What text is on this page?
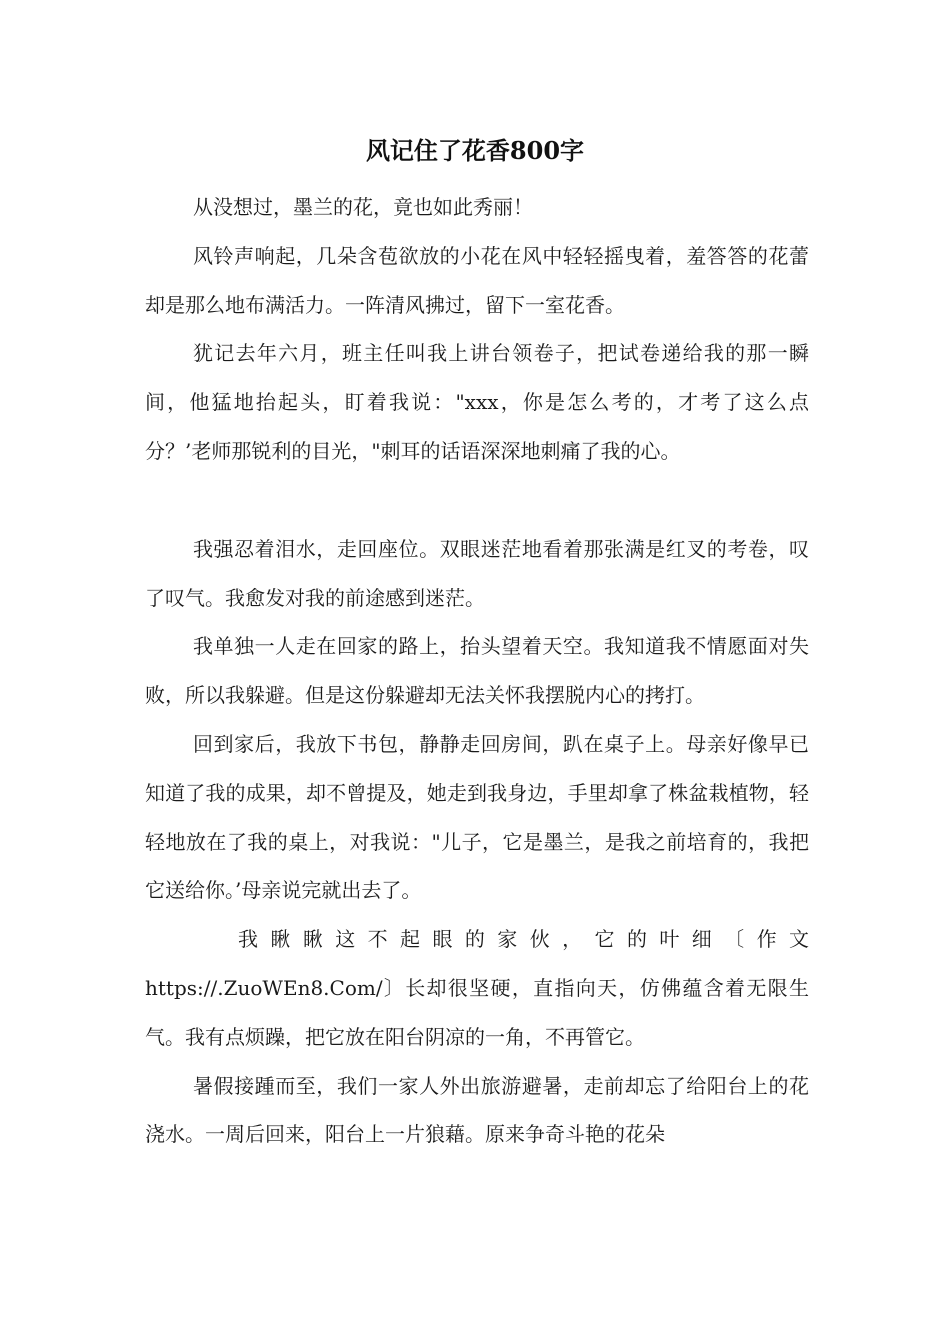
风记住了花香800字

从没想过，墨兰的花，竟也如此秀丽！

风铃声响起，几朵含苞欲放的小花在风中轻轻摇曳着，羞答答的花蕾却是那么地布满活力。一阵清风拂过，留下一室花香。

犹记去年六月，班主任叫我上讲台领卷子，把试卷递给我的那一瞬间，他猛地抬起头，盯着我说："xxx，你是怎么考的，才考了这么点分？’老师那锐利的目光，"刺耳的话语深深地刺痛了我的心。

我强忍着泪水，走回座位。双眼迷茫地看着那张满是红叉的考卷，叹了叹气。我愈发对我的前途感到迷茫。

我单独一人走在回家的路上，抬头望着天空。我知道我不情愿面对失败，所以我躲避。但是这份躲避却无法关怀我摆脱内心的拷打。

回到家后，我放下书包，静静走回房间，趴在桌子上。母亲好像早已知道了我的成果，却不曾提及，她走到我身边，手里却拿了株盆栽植物，轻轻地放在了我的桌上，对我说："儿子，它是墨兰，是我之前培育的，我把它送给你。’母亲说完就出去了。

我瞅瞅这不起眼的家伙，它的叶细〔作文https://.ZuoWEn8.Com/〕长却很坚硬，直指向天，仿佛蕴含着无限生气。我有点烦躁，把它放在阳台阴凉的一角，不再管它。

暑假接踵而至，我们一家人外出旅游避暑，走前却忘了给阳台上的花浇水。一周后回来，阳台上一片狼藉。原来争奇斗艳的花朵
